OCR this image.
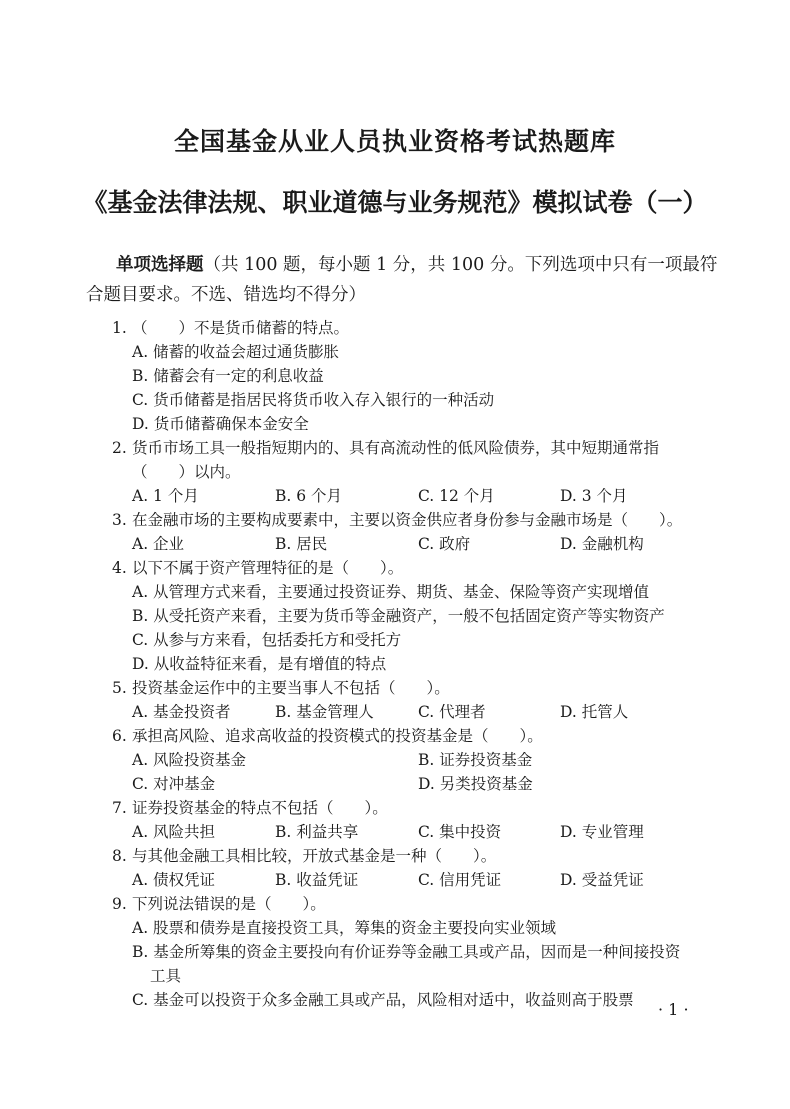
全国基金从业人员执业资格考试热题库
《基金法律法规、职业道德与业务规范》模拟试卷（一）
单项选择题（共 100 题，每小题 1 分，共 100 分。下列选项中只有一项最符合题目要求。不选、错选均不得分）
1. （　　）不是货币储蓄的特点。
A. 储蓄的收益会超过通货膨胀
B. 储蓄会有一定的利息收益
C. 货币储蓄是指居民将货币收入存入银行的一种活动
D. 货币储蓄确保本金安全
2. 货币市场工具一般指短期内的、具有高流动性的低风险债券，其中短期通常指
（　　）以内。
A. 1 个月	B. 6 个月	C. 12 个月	D. 3 个月
3. 在金融市场的主要构成要素中，主要以资金供应者身份参与金融市场是（　　）。
A. 企业	B. 居民	C. 政府	D. 金融机构
4. 以下不属于资产管理特征的是（　　）。
A. 从管理方式来看，主要通过投资证券、期货、基金、保险等资产实现增值
B. 从受托资产来看，主要为货币等金融资产，一般不包括固定资产等实物资产
C. 从参与方来看，包括委托方和受托方
D. 从收益特征来看，是有增值的特点
5. 投资基金运作中的主要当事人不包括（　　）。
A. 基金投资者	B. 基金管理人	C. 代理者	D. 托管人
6. 承担高风险、追求高收益的投资模式的投资基金是（　　）。
A. 风险投资基金	B. 证券投资基金
C. 对冲基金	D. 另类投资基金
7. 证券投资基金的特点不包括（　　）。
A. 风险共担	B. 利益共享	C. 集中投资	D. 专业管理
8. 与其他金融工具相比较，开放式基金是一种（　　）。
A. 债权凭证	B. 收益凭证	C. 信用凭证	D. 受益凭证
9. 下列说法错误的是（　　）。
A. 股票和债券是直接投资工具，筹集的资金主要投向实业领域
B. 基金所筹集的资金主要投向有价证券等金融工具或产品，因而是一种间接投资
工具
C. 基金可以投资于众多金融工具或产品，风险相对适中，收益则高于股票 · 1 ·
